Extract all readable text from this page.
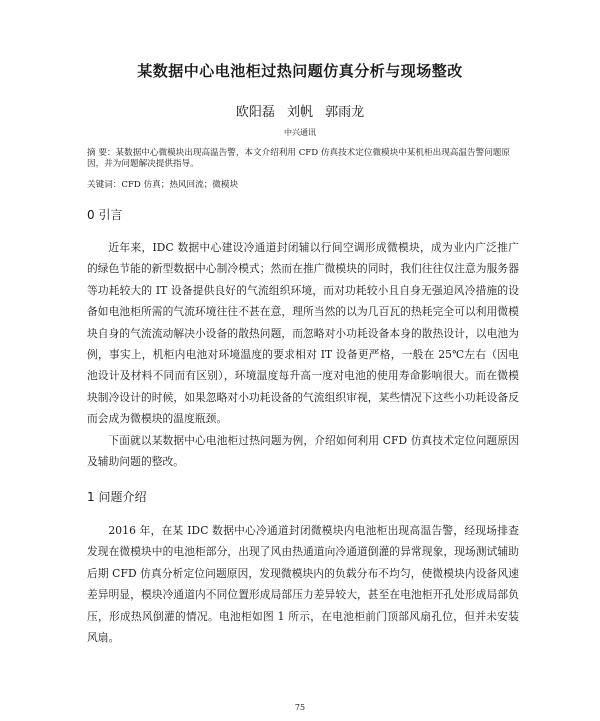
某数据中心电池柜过热问题仿真分析与现场整改
欧阳磊 刘帆 郭雨龙
中兴通讯
摘 要：某数据中心微模块出现高温告警，本文介绍利用 CFD 仿真技术定位微模块中某机柜出现高温告警问题原因，并为问题解决提供指导。
关键词：CFD 仿真；热风回流；微模块
0 引言

近年来，IDC 数据中心建设冷通道封闭辅以行间空调形成微模块，成为业内广泛推广的绿色节能的新型数据中心制冷模式；然而在推广微模块的同时，我们往往仅注意为服务器等功耗较大的 IT 设备提供良好的气流组织环境，而对功耗较小且自身无强迫风冷措施的设备如电池柜所需的气流环境往往不甚在意，理所当然的以为几百瓦的热耗完全可以利用微模块自身的气流流动解决小设备的散热问题，而忽略对小功耗设备本身的散热设计，以电池为例，事实上，机柜内电池对环境温度的要求相对 IT 设备更严格，一般在 25℃左右（因电池设计及材料不同而有区别），环境温度每升高一度对电池的使用寿命影响很大。而在微模块制冷设计的时候，如果忽略对小功耗设备的气流组织审视，某些情况下这些小功耗设备反而会成为微模块的温度瓶颈。

下面就以某数据中心电池柜过热问题为例，介绍如何利用 CFD 仿真技术定位问题原因及辅助问题的整改。

1 问题介绍

2016 年，在某 IDC 数据中心冷通道封闭微模块内电池柜出现高温告警，经现场排查发现在微模块中的电池柜部分，出现了风由热通道向冷通道倒灌的异常现象，现场测试辅助后期 CFD 仿真分析定位问题原因，发现微模块内的负载分布不均匀，使微模块内设备风速差异明显，模块冷通道内不同位置形成局部压力差异较大，甚至在电池柜开孔处形成局部负压，形成热风倒灌的情况。电池柜如图 1 所示，在电池柜前门顶部风扇孔位，但并未安装风扇。

75
